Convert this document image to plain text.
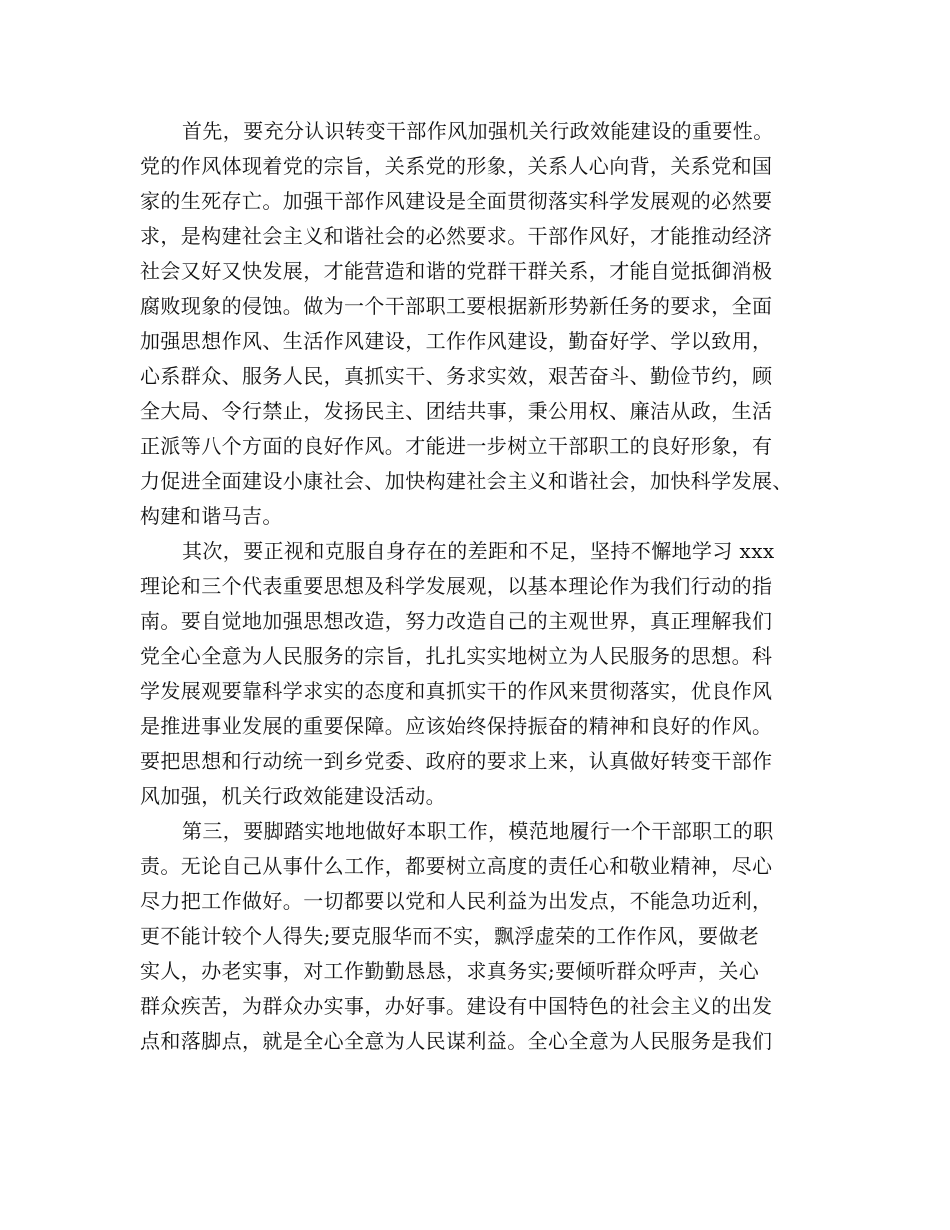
首先，要充分认识转变干部作风加强机关行政效能建设的重要性。
党的作风体现着党的宗旨，关系党的形象，关系人心向背，关系党和国
家的生死存亡。加强干部作风建设是全面贯彻落实科学发展观的必然要
求，是构建社会主义和谐社会的必然要求。干部作风好，才能推动经济
社会又好又快发展，才能营造和谐的党群干群关系，才能自觉抵御消极
腐败现象的侵蚀。做为一个干部职工要根据新形势新任务的要求，全面
加强思想作风、生活作风建设，工作作风建设，勤奋好学、学以致用，
心系群众、服务人民，真抓实干、务求实效，艰苦奋斗、勤俭节约，顾
全大局、令行禁止，发扬民主、团结共事，秉公用权、廉洁从政，生活
正派等八个方面的良好作风。才能进一步树立干部职工的良好形象，有
力促进全面建设小康社会、加快构建社会主义和谐社会，加快科学发展、
构建和谐马吉。
其次，要正视和克服自身存在的差距和不足，坚持不懈地学习 xxx
理论和三个代表重要思想及科学发展观，以基本理论作为我们行动的指
南。要自觉地加强思想改造，努力改造自己的主观世界，真正理解我们
党全心全意为人民服务的宗旨，扎扎实实地树立为人民服务的思想。科
学发展观要靠科学求实的态度和真抓实干的作风来贯彻落实，优良作风
是推进事业发展的重要保障。应该始终保持振奋的精神和良好的作风。
要把思想和行动统一到乡党委、政府的要求上来，认真做好转变干部作
风加强，机关行政效能建设活动。
第三，要脚踏实地地做好本职工作，模范地履行一个干部职工的职
责。无论自己从事什么工作，都要树立高度的责任心和敬业精神，尽心
尽力把工作做好。一切都要以党和人民利益为出发点，不能急功近利，
更不能计较个人得失;要克服华而不实，飘浮虚荣的工作作风，要做老
实人，办老实事，对工作勤勤恳恳，求真务实;要倾听群众呼声，关心
群众疾苦，为群众办实事，办好事。建设有中国特色的社会主义的出发
点和落脚点，就是全心全意为人民谋利益。全心全意为人民服务是我们
